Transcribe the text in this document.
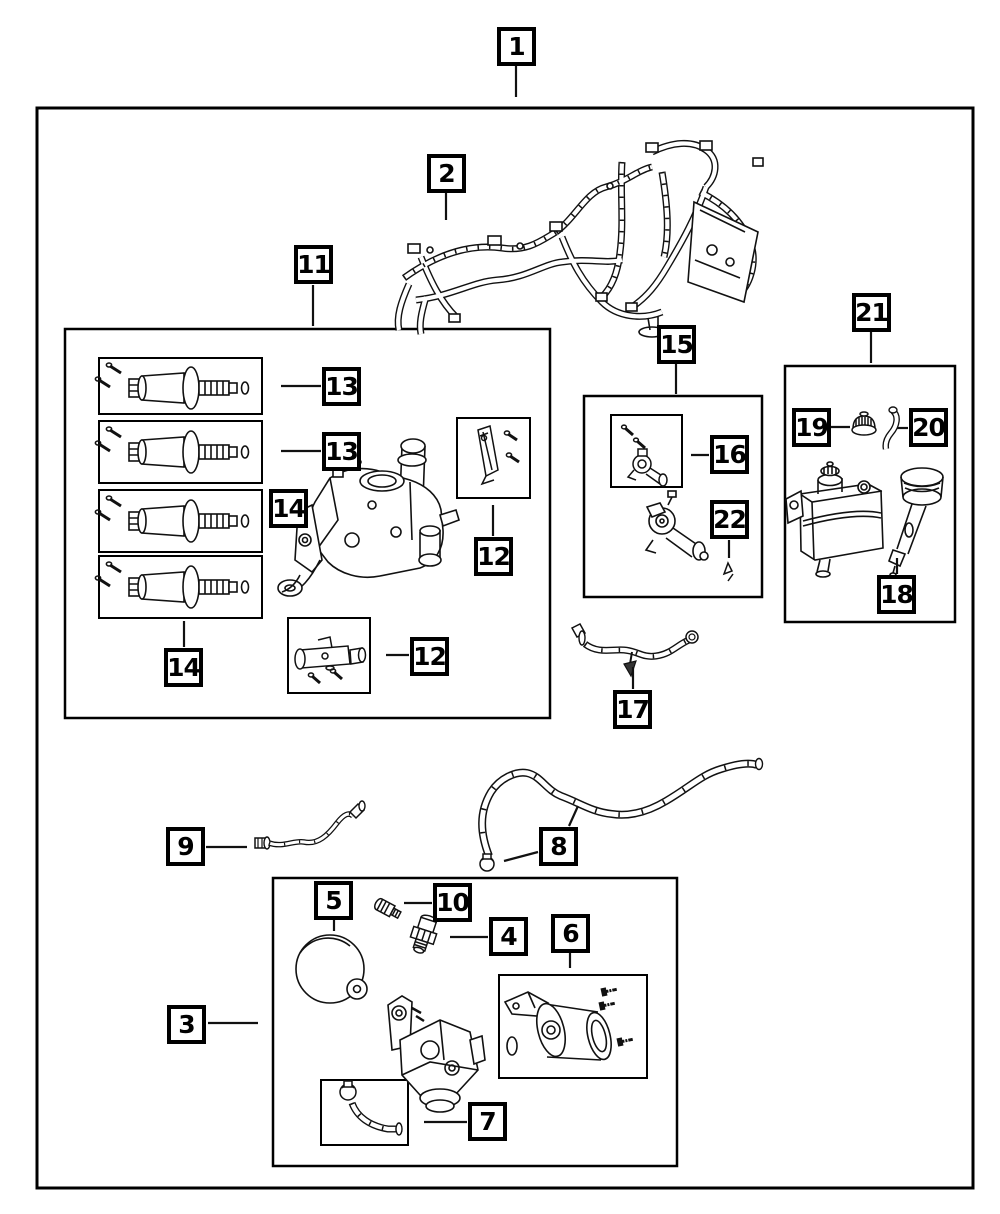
1
2
11
13
13
14
14
12
12
15
16
22
21
19	20
18
17
9	8
3
5	10
4	6
7
